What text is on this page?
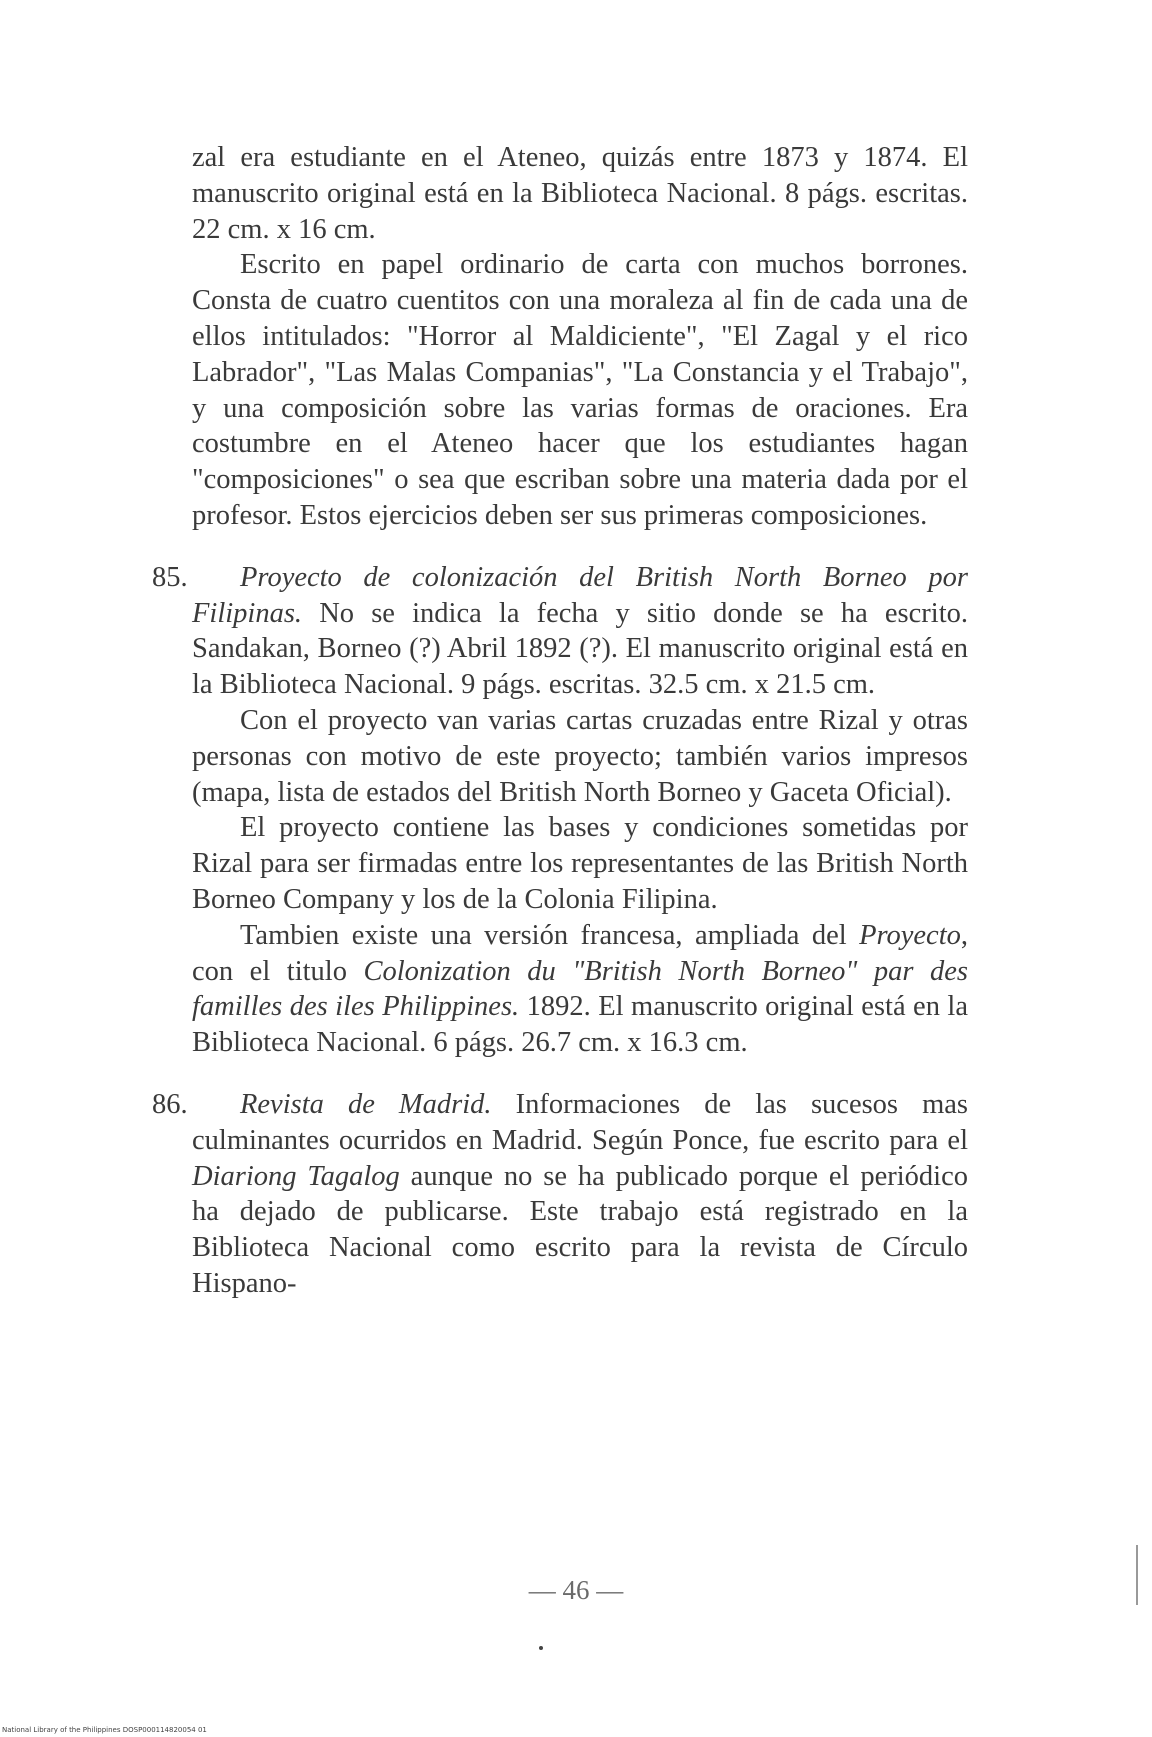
zal era estudiante en el Ateneo, quizás entre 1873 y 1874. El manuscrito original está en la Biblioteca Nacional. 8 págs. escritas. 22 cm. x 16 cm.

Escrito en papel ordinario de carta con muchos borrones. Consta de cuatro cuentitos con una moraleza al fin de cada una de ellos intitulados: "Horror al Maldiciente", "El Zagal y el rico Labrador", "Las Malas Companias", "La Constancia y el Trabajo", y una composición sobre las varias formas de oraciones. Era costumbre en el Ateneo hacer que los estudiantes hagan "composiciones" o sea que escriban sobre una materia dada por el profesor. Estos ejercicios deben ser sus primeras composiciones.

85. Proyecto de colonización del British North Borneo por Filipinas. No se indica la fecha y sitio donde se ha escrito. Sandakan, Borneo (?) Abril 1892 (?). El manuscrito original está en la Biblioteca Nacional. 9 págs. escritas. 32.5 cm. x 21.5 cm.

Con el proyecto van varias cartas cruzadas entre Rizal y otras personas con motivo de este proyecto; también varios impresos (mapa, lista de estados del British North Borneo y Gaceta Oficial).

El proyecto contiene las bases y condiciones sometidas por Rizal para ser firmadas entre los representantes de las British North Borneo Company y los de la Colonia Filipina.

Tambien existe una versión francesa, ampliada del Proyecto, con el titulo Colonization du "British North Borneo" par des familles des iles Philippines. 1892. El manuscrito original está en la Biblioteca Nacional. 6 págs. 26.7 cm. x 16.3 cm.

86. Revista de Madrid. Informaciones de las sucesos mas culminantes ocurridos en Madrid. Según Ponce, fue escrito para el Diariong Tagalog aunque no se ha publicado porque el periódico ha dejado de publicarse. Este trabajo está registrado en la Biblioteca Nacional como escrito para la revista de Círculo Hispano-

— 46 —
National Library of the Philippines DOSP000114820054 01
